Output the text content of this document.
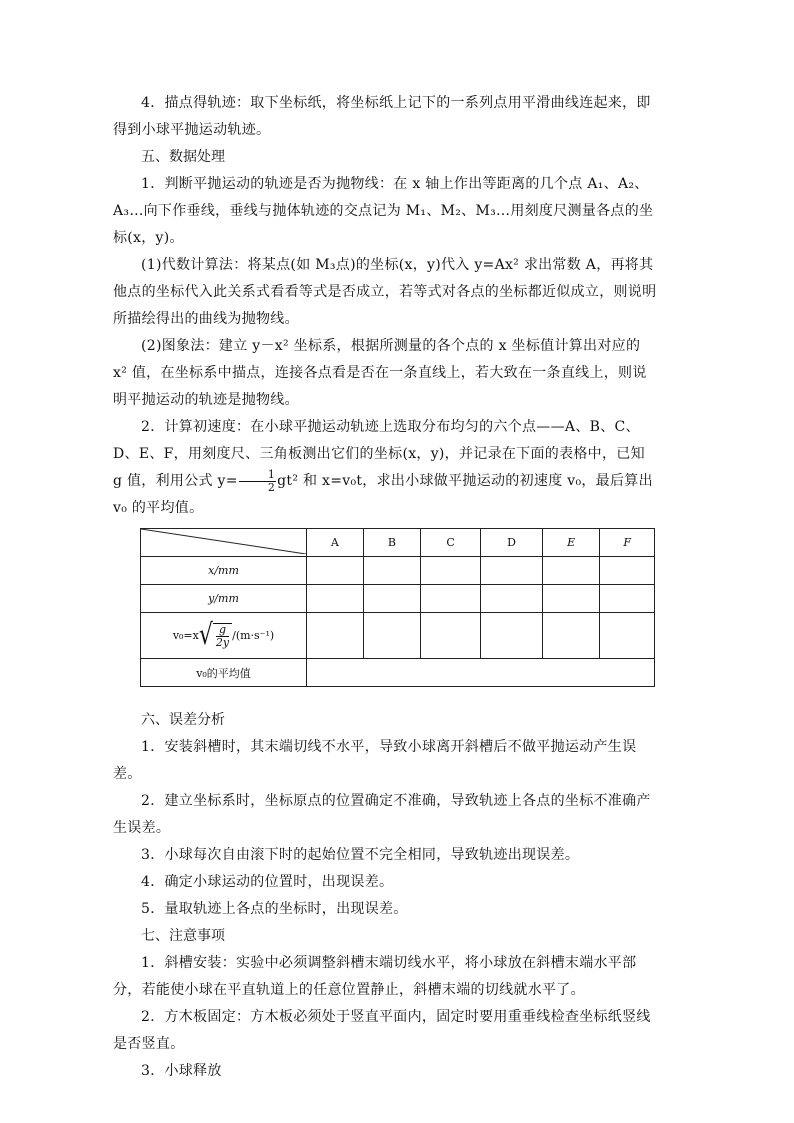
4．描点得轨迹：取下坐标纸，将坐标纸上记下的一系列点用平滑曲线连起来，即得到小球平抛运动轨迹。

五、数据处理

1．判断平抛运动的轨迹是否为抛物线：在 x 轴上作出等距离的几个点 A₁、A₂、A₃…向下作垂线，垂线与抛体轨迹的交点记为 M₁、M₂、M₃…用刻度尺测量各点的坐标(x，y)。

(1)代数计算法：将某点(如 M₃点)的坐标(x，y)代入 y=Ax² 求出常数 A，再将其他点的坐标代入此关系式看看等式是否成立，若等式对各点的坐标都近似成立，则说明所描绘得出的曲线为抛物线。

(2)图象法：建立 y－x² 坐标系，根据所测量的各个点的 x 坐标值计算出对应的 x² 值，在坐标系中描点，连接各点看是否在一条直线上，若大致在一条直线上，则说明平抛运动的轨迹是抛物线。

2．计算初速度：在小球平抛运动轨迹上选取分布均匀的六个点——A、B、C、D、E、F，用刻度尺、三角板测出它们的坐标(x，y)，并记录在下面的表格中，已知 g 值，利用公式 $y= \frac{1}{2} gt^2$ 和 x=v₀t，求出小球做平抛运动的初速度 v₀，最后算出 v₀ 的平均值。

	A	B	C	D	E	F
x/mm						
y/mm						
v₀=x √ $\frac{g}{2y} /(m\cdot s^{-1})$						
v₀的平均值						

六、误差分析

1．安装斜槽时，其末端切线不水平，导致小球离开斜槽后不做平抛运动产生误差。

2．建立坐标系时，坐标原点的位置确定不准确，导致轨迹上各点的坐标不准确产生误差。

3．小球每次自由滚下时的起始位置不完全相同，导致轨迹出现误差。

4．确定小球运动的位置时，出现误差。

5．量取轨迹上各点的坐标时，出现误差。

七、注意事项

1．斜槽安装：实验中必须调整斜槽末端切线水平，将小球放在斜槽末端水平部分，若能使小球在平直轨道上的任意位置静止，斜槽末端的切线就水平了。

2．方木板固定：方木板必须处于竖直平面内，固定时要用重垂线检查坐标纸竖线是否竖直。

3．小球释放
